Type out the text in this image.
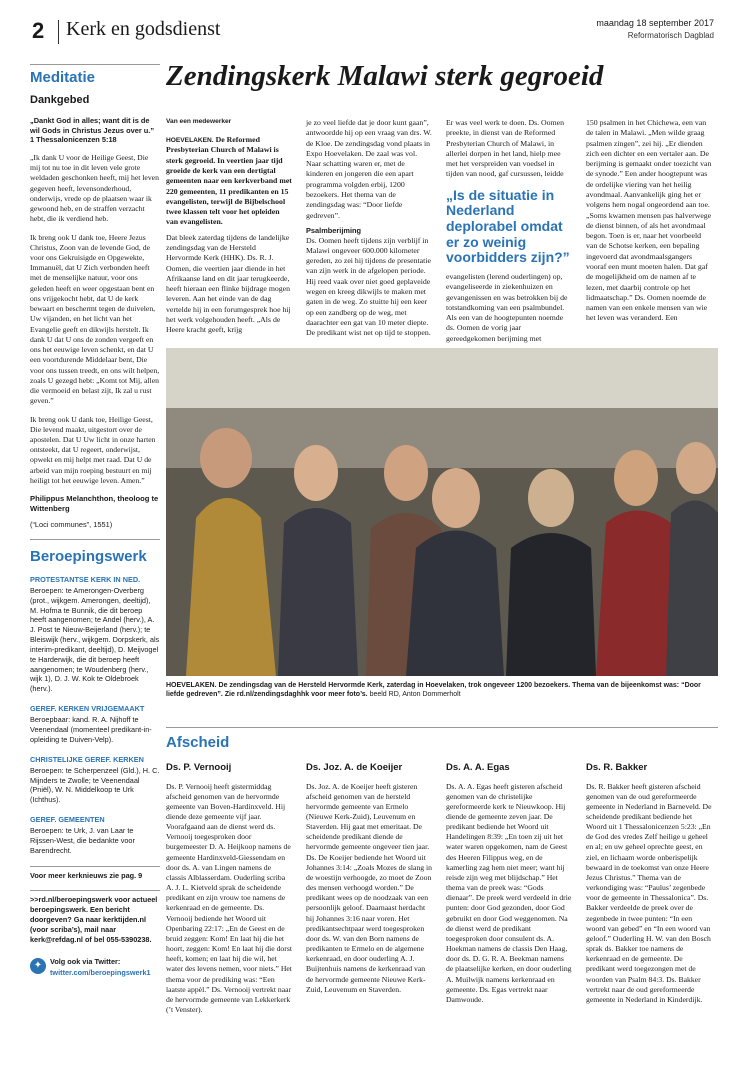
2 Kerk en godsdienst	maandag 18 september 2017
Reformatorisch Dagblad
Meditatie
Dankgebed
„Dankt God in alles; want dit is de wil Gods in Christus Jezus over u.” 1 Thessalonicenzen 5:18

„Ik dank U voor de Heilige Geest, Die mij tot nu toe in dit leven vele grote weldaden geschonken heeft, mij het leven gegeven heeft, levensonderhoud, onderwijs, vrede op de plaatsen waar ik gewoond heb, en de straffen verzacht hebt, die ik verdiend heb.

Ik breng ook U dank toe, Heere Jezus Christus, Zoon van de levende God, de voor ons Gekruisigde en Opgewekte, Immanuël, dat U Zich verbonden heeft met de menselijke natuur, voor ons geleden heeft en weer opgestaan bent en ons vrijgekocht hebt, dat U de kerk bewaart en beschermt tegen de duivelen, Uw vijanden, en het licht van het Evangelie geeft en dikwijls herstelt. Ik dank U dat U ons de zonden vergeeft en ons het eeuwige leven schenkt, en dat U een voortdurende Middelaar bent, Die voor ons tussen treedt, en ons wilt helpen, zoals U gezegd hebt: „Komt tot Mij, allen die vermoeid en belast zijt, Ik zal u rust geven.”

Ik breng ook U dank toe, Heilige Geest, Die levend maakt, uitgestort over de apostelen. Dat U Uw licht in onze harten ontsteekt, dat U regeert, onderwijst, opwekt en mij helpt met raad. Dat U de arbeid van mijn roeping bestuurt en mij heiligt tot het eeuwige leven. Amen.”

Philippus Melanchthon, theoloog te Wittenberg
(“Loci communes”, 1551)
Beroepingswerk
PROTESTANTSE KERK IN NED.
Beroepen: te Amerongen-Overberg (prot., wijkgem. Amerongen, deeltijd), M. Hofma te Bunnik, die dit beroep heeft aangenomen; te Andel (herv.), A. J. Post te Nieuw-Beijerland (herv.); te Bleiswijk (herv., wijkgem. Dorpskerk, als interim-predikant, deeltijd), D. Meijvogel te Harderwijk, die dit beroep heeft aangenomen; te Woudenberg (herv., wijk 1), D. J. W. Kok te Oldebroek (herv.).
GEREF. KERKEN VRIJGEMAAKT
Beroepbaar: kand. R. A. Nijhoff te Veenendaal (momenteel predikant-in-opleiding te Duiven-Velp).
CHRISTELIJKE GEREF. KERKEN
Beroepen: te Scherpenzeel (Gld.), H. C. Mijnders te Zwolle; te Veenendaal (Pniël), W. N. Middelkoop te Urk (Ichthus).
GEREF. GEMEENTEN
Beroepen: te Urk, J. van Laar te Rijssen-West, die bedankte voor Barendrecht.
Voor meer kerknieuws zie pag. 9
>>rd.nl/beroepingswerk voor actueel beroepingswerk. Een bericht doorgeven? Ga naar kerktijden.nl (voor scriba’s), mail naar kerk@refdag.nl of bel 055-5390238.
✦	Volg ook via Twitter:
twitter.com/beroepingswerk1
Zendingskerk Malawi sterk gegroeid
Van een medewerker

HOEVELAKEN. De Reformed Presbyterian Church of Malawi is sterk gegroeid. In veertien jaar tijd groeide de kerk van een dertigtal gemeenten naar een kerkverband met 220 gemeenten, 11 predikanten en 15 evangelisten, terwijl de Bijbelschool twee klassen telt voor het opleiden van evangelisten.

Dat bleek zaterdag tijdens de landelijke zendingsdag van de Hersteld Hervormde Kerk (HHK). Ds. R. J. Oomen, die veertien jaar diende in het Afrikaanse land en dit jaar terugkeerde, heeft hieraan een flinke bijdrage mogen leveren. Aan het einde van de dag vertelde hij in een forumgesprek hoe hij het werk volgehouden heeft. „Als de Heere kracht geeft, krijg

je zo veel liefde dat je door kunt gaan”, antwoordde hij op een vraag van drs. W. de Kloe. De zendingsdag vond plaats in Expo Hoevelaken. De zaal was vol. Naar schatting waren er, met de kinderen en jongeren die een apart programma volgden erbij, 1200 bezoekers. Het thema van de zendingsdag was: “Door liefde gedreven”.

Psalmberijming

Ds. Oomen heeft tijdens zijn verblijf in Malawi ongeveer 600.000 kilometer gereden, zo zei hij tijdens de presentatie van zijn werk in de afgelopen periode. Hij reed vaak over niet goed geplaveide wegen en kreeg dikwijls te maken met gaten in de weg. Zo stuitte hij een keer op een zandberg op de weg, met daarachter een gat van 10 meter diepte. De predikant wist net op tijd te stoppen.

Er was veel werk te doen. Ds. Oomen preekte, in dienst van de Reformed Presbyterian Church of Malawi, in allerlei dorpen in het land, hielp mee met het verspreiden van voedsel in tijden van nood, gaf cursussen, leidde

„Is de situatie in Nederland deplorabel omdat er zo weinig voorbidders zijn?”

evangelisten (lerend ouderlingen) op, evangeliseerde in ziekenhuizen en gevangenissen en was betrokken bij de totstandkoming van een psalmbundel. Als een van de hoogtepunten noemde ds. Oomen de vorig jaar gereedgekomen berijming met

150 psalmen in het Chichewa, een van de talen in Malawi. „Men wilde graag psalmen zingen”, zei hij. „Er dienden zich een dichter en een vertaler aan. De berijming is gemaakt onder toezicht van de synode.” Een ander hoogtepunt was de ordelijke viering van het heilig avondmaal. Aanvankelijk ging het er volgens hem nogal ongeordend aan toe. „Soms kwamen mensen pas halverwege de dienst binnen, of als het avondmaal begon. Toen is er, naar het voorbeeld van de Schotse kerken, een bepaling ingevoerd dat avondmaalsgangers vooraf een munt moeten halen. Dat gaf de mogelijkheid om de namen af te lezen, met daarbij controle op het lidmaatschap.” Ds. Oomen noemde de namen van een enkele mensen van wie het leven was veranderd. Een

HOEVELAKEN. De zendingsdag van de Hersteld Hervormde Kerk, zaterdag in Hoevelaken, trok ongeveer 1200 bezoekers. Thema van de bijeenkomst was: “Door liefde gedreven”. Zie rd.nl/zendingsdaghhk voor meer foto’s. beeld RD, Anton Dommerholt
Afscheid
Ds. P. Vernooij

Ds. P. Vernooij heeft gistermiddag afscheid genomen van de hervormde gemeente van Boven-Hardinxveld. Hij diende deze gemeente vijf jaar. Voorafgaand aan de dienst werd ds. Vernooij toegesproken door burgemeester D. A. Heijkoop namens de gemeente Hardinxveld-Giessendam en door ds. A. van Lingen namens de classis Alblasserdam. Ouderling scriba A. J. L. Kietveld sprak de scheidende predikant en zijn vrouw toe namens de kerkenraad en de gemeente. Ds. Vernooij bediende het Woord uit Openbaring 22:17: „En de Geest en de bruid zeggen: Kom! En laat hij die het hoort, zeggen: Kom! En laat hij die dorst heeft, komen; en laat hij die wil, het water des levens nemen, voor niets.” Het thema voor de prediking was: “Een laatste appèl.” Ds. Vernooij vertrekt naar de hervormde gemeente van Lekkerkerk (’t Venster).

Ds. Joz. A. de Koeijer

Ds. Joz. A. de Koeijer heeft gisteren afscheid genomen van de hersteld hervormde gemeente van Ermelo (Nieuwe Kerk-Zuid), Leuvenum en Staverden. Hij gaat met emeritaat. De scheidende predikant diende de hervormde gemeente ongeveer tien jaar. Ds. De Koeijer bediende het Woord uit Johannes 3:14: „Zoals Mozes de slang in de woestijn verhoogde, zo moet de Zoon des mensen verhoogd worden.” De predikant wees op de noodzaak van een persoonlijk geloof. Daarnaast herdacht hij Johannes 3:16 naar voren. Het predikantsechtpaar werd toegesproken door ds. W. van den Born namens de predikanten te Ermelo en de algemene kerkenraad, en door ouderling A. J. Buijtenhuis namens de kerkenraad van de hervormde gemeente Nieuwe Kerk-Zuid, Leuvenum en Staverden.

Ds. A. A. Egas

Ds. A. A. Egas heeft gisteren afscheid genomen van de christelijke gereformeerde kerk te Nieuwkoop. Hij diende de gemeente zeven jaar. De predikant bediende het Woord uit Handelingen 8:39: „En toen zij uit het water waren opgekomen, nam de Geest des Heeren Filippus weg, en de kamerling zag hem niet meer; want hij reisde zijn weg met blijdschap.” Het thema van de preek was: “Gods dienaar”. De preek werd verdeeld in drie punten: door God gezonden, door God gebruikt en door God weggenomen. Na de dienst werd de predikant toegesproken door consulent ds. A. Hoekman namens de classis Den Haag, door ds. D. G. R. A. Beekman namens de plaatselijke kerken, en door ouderling A. Muilwijk namens kerkenraad en gemeente. Ds. Egas vertrekt naar Damwoude.

Ds. R. Bakker

Ds. R. Bakker heeft gisteren afscheid genomen van de oud gereformeerde gemeente in Nederland in Barneveld. De scheidende predikant bediende het Woord uit 1 Thessalonicenzen 5:23: „En de God des vredes Zelf heilige u geheel en al; en uw geheel oprechte geest, en ziel, en lichaam worde onberispelijk bewaard in de toekomst van onze Heere Jezus Christus.” Thema van de verkondiging was: “Paulus’ zegenbede voor de gemeente in Thessalonica”. Ds. Bakker verdeelde de preek over de zegenbede in twee punten: “In een woord van gebed” en “In een woord van geloof.” Ouderling H. W. van den Bosch sprak ds. Bakker toe namens de kerkenraad en de gemeente. De predikant werd toegezongen met de woorden van Psalm 84:3. Ds. Bakker vertrekt naar de oud gereformeerde gemeente in Nederland in Kinderdijk.
